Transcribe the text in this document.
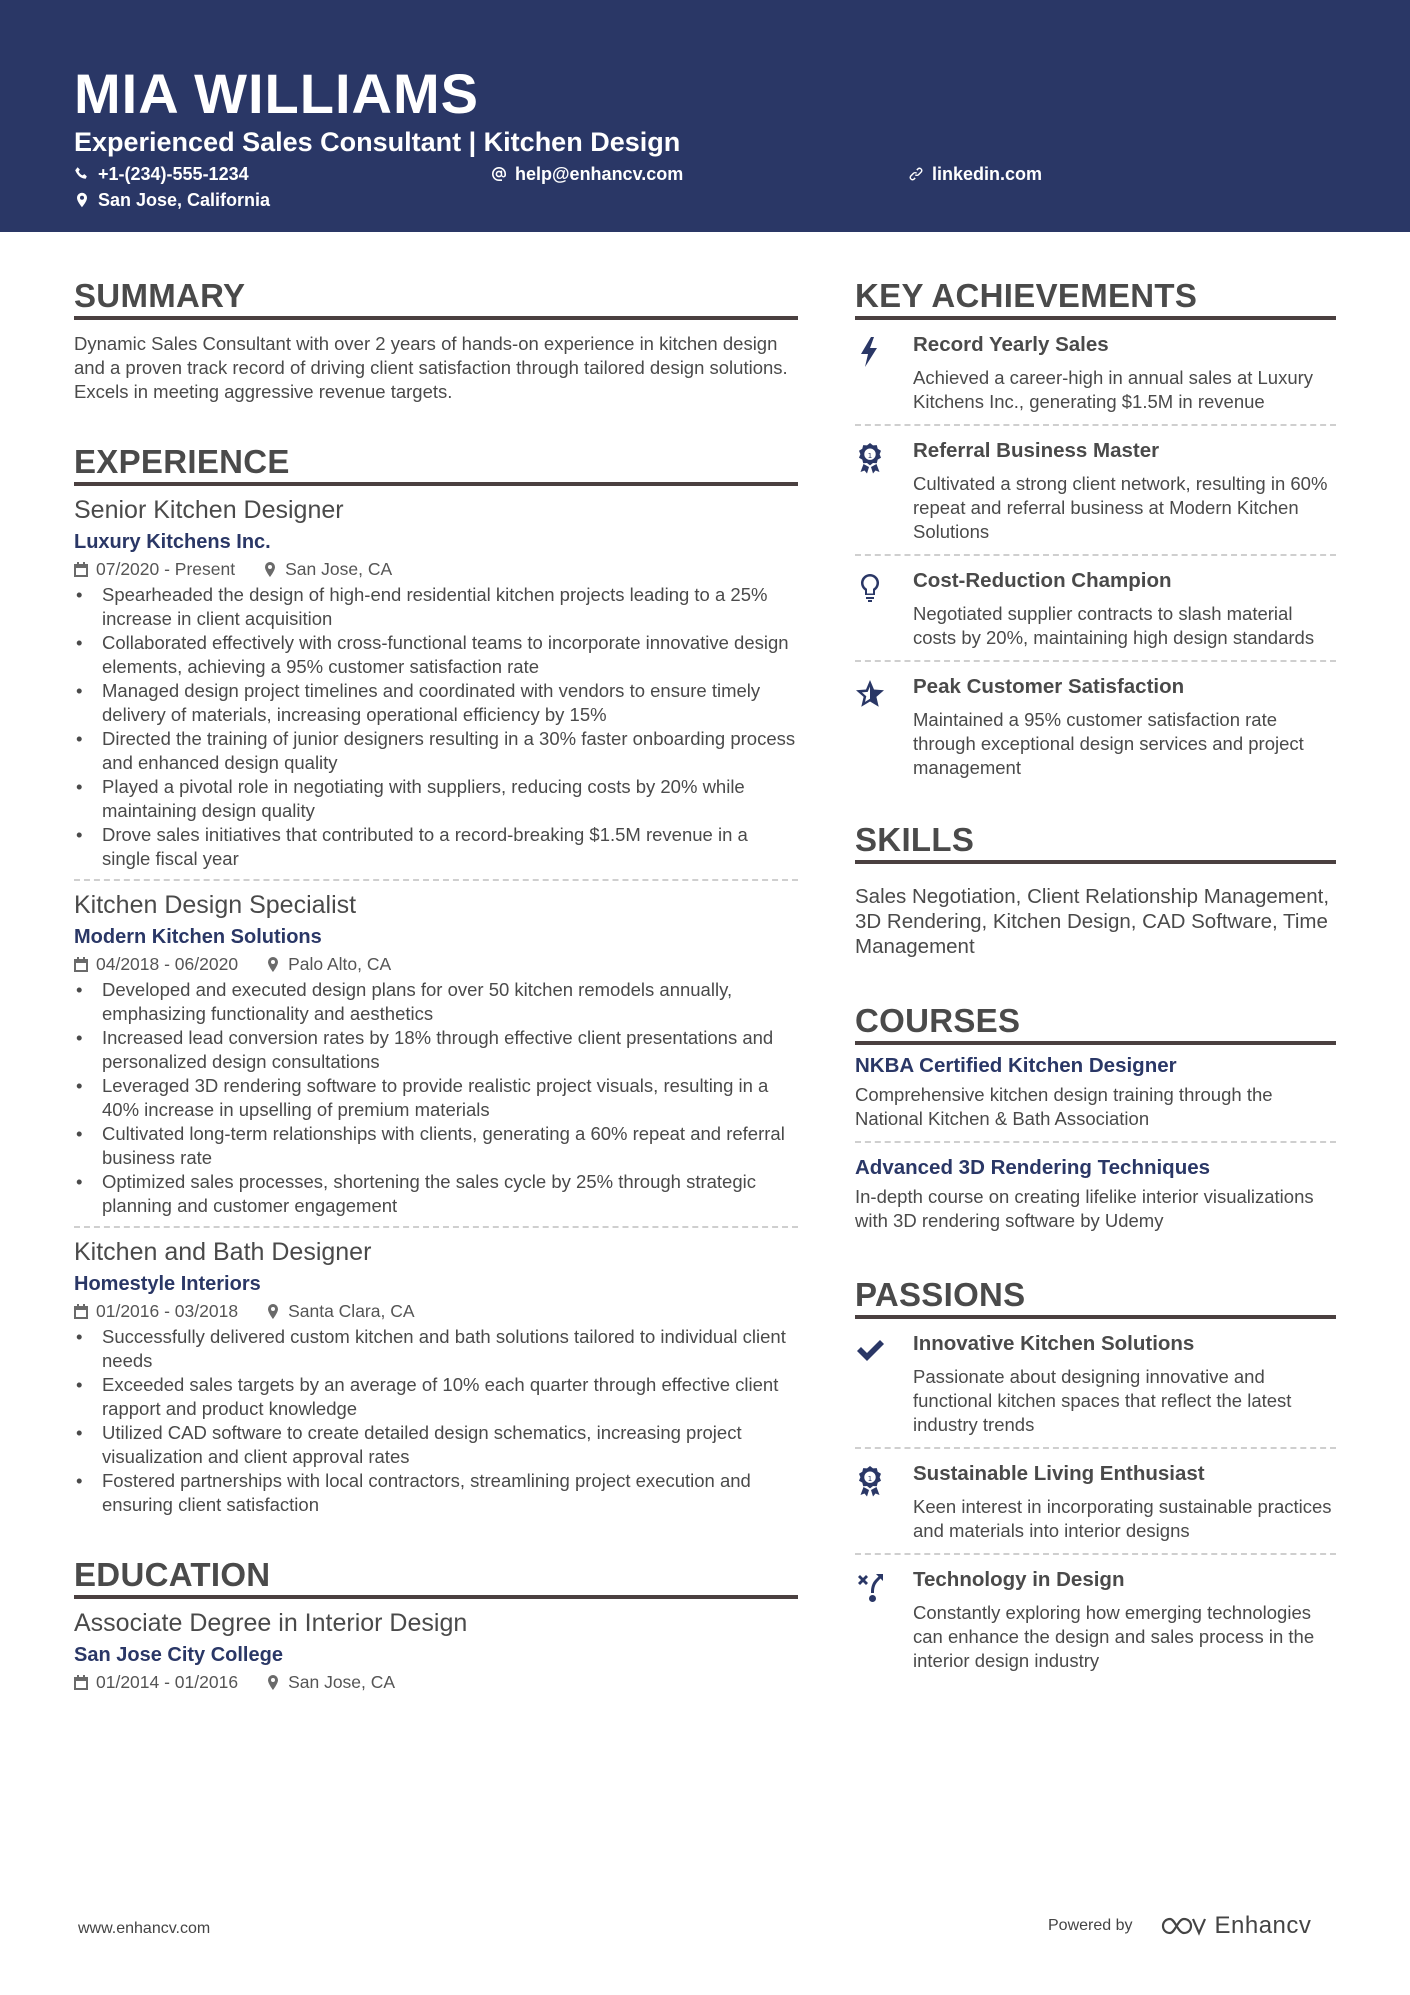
MIA WILLIAMS
Experienced Sales Consultant | Kitchen Design
+1-(234)-555-1234	help@enhancv.com	linkedin.com
San Jose, California
SUMMARY
Dynamic Sales Consultant with over 2 years of hands-on experience in kitchen design and a proven track record of driving client satisfaction through tailored design solutions. Excels in meeting aggressive revenue targets.
EXPERIENCE
Senior Kitchen Designer
Luxury Kitchens Inc.
07/2020 - Present	San Jose, CA
• Spearheaded the design of high-end residential kitchen projects leading to a 25% increase in client acquisition
• Collaborated effectively with cross-functional teams to incorporate innovative design elements, achieving a 95% customer satisfaction rate
• Managed design project timelines and coordinated with vendors to ensure timely delivery of materials, increasing operational efficiency by 15%
• Directed the training of junior designers resulting in a 30% faster onboarding process and enhanced design quality
• Played a pivotal role in negotiating with suppliers, reducing costs by 20% while maintaining design quality
• Drove sales initiatives that contributed to a record-breaking $1.5M revenue in a single fiscal year
Kitchen Design Specialist
Modern Kitchen Solutions
04/2018 - 06/2020	Palo Alto, CA
• Developed and executed design plans for over 50 kitchen remodels annually, emphasizing functionality and aesthetics
• Increased lead conversion rates by 18% through effective client presentations and personalized design consultations
• Leveraged 3D rendering software to provide realistic project visuals, resulting in a 40% increase in upselling of premium materials
• Cultivated long-term relationships with clients, generating a 60% repeat and referral business rate
• Optimized sales processes, shortening the sales cycle by 25% through strategic planning and customer engagement
Kitchen and Bath Designer
Homestyle Interiors
01/2016 - 03/2018	Santa Clara, CA
• Successfully delivered custom kitchen and bath solutions tailored to individual client needs
• Exceeded sales targets by an average of 10% each quarter through effective client rapport and product knowledge
• Utilized CAD software to create detailed design schematics, increasing project visualization and client approval rates
• Fostered partnerships with local contractors, streamlining project execution and ensuring client satisfaction
EDUCATION
Associate Degree in Interior Design
San Jose City College
01/2014 - 01/2016	San Jose, CA
KEY ACHIEVEMENTS
Record Yearly Sales
Achieved a career-high in annual sales at Luxury Kitchens Inc., generating $1.5M in revenue
1 Referral Business Master
Cultivated a strong client network, resulting in 60% repeat and referral business at Modern Kitchen Solutions
Cost-Reduction Champion
Negotiated supplier contracts to slash material costs by 20%, maintaining high design standards
Peak Customer Satisfaction
Maintained a 95% customer satisfaction rate through exceptional design services and project management
SKILLS
Sales Negotiation, Client Relationship Management, 3D Rendering, Kitchen Design, CAD Software, Time Management
COURSES
NKBA Certified Kitchen Designer
Comprehensive kitchen design training through the National Kitchen & Bath Association
Advanced 3D Rendering Techniques
In-depth course on creating lifelike interior visualizations with 3D rendering software by Udemy
PASSIONS
Innovative Kitchen Solutions
Passionate about designing innovative and functional kitchen spaces that reflect the latest industry trends
1 Sustainable Living Enthusiast
Keen interest in incorporating sustainable practices and materials into interior designs
Technology in Design
Constantly exploring how emerging technologies can enhance the design and sales process in the interior design industry
www.enhancv.com	Powered by	Enhancv
